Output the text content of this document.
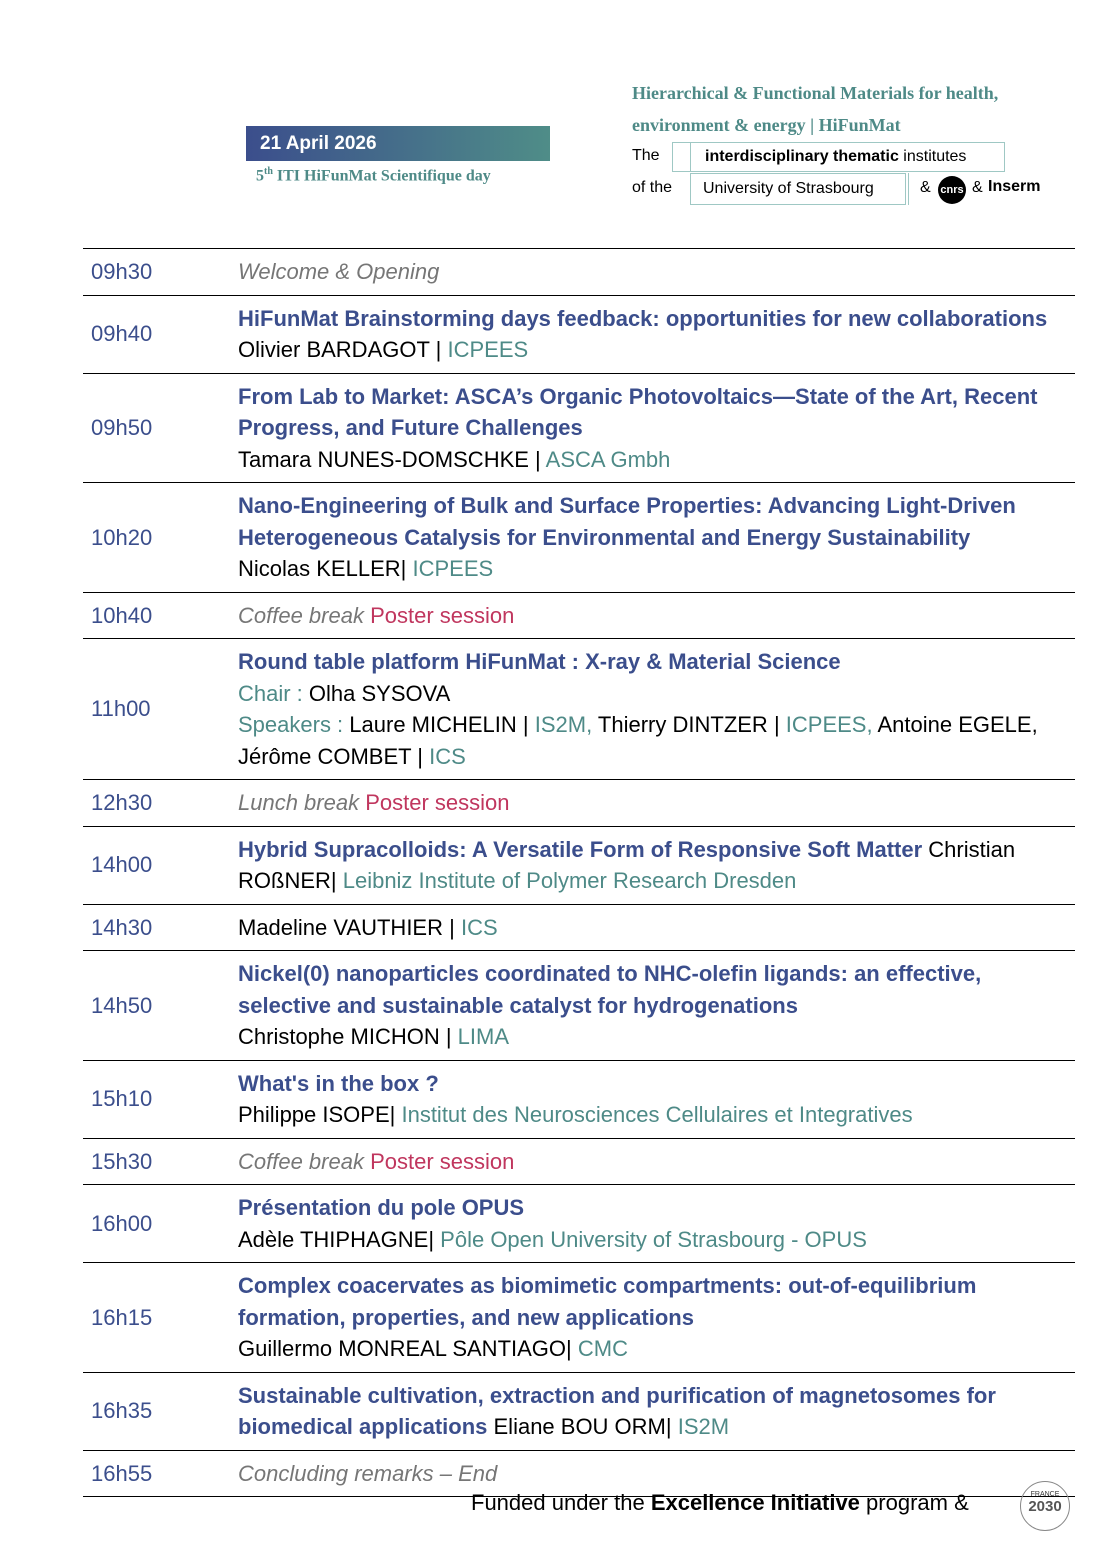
21 April 2026
5th ITI HiFunMat Scientifique day
Hierarchical & Functional Materials for health,
environment & energy | HiFunMat
The	interdisciplinary thematic institutes
of the	University of Strasbourg	& cnrs & Inserm
09h30	Welcome & Opening
09h40	HiFunMat Brainstorming days feedback: opportunities for new collaborations Olivier BARDAGOT | ICPEES
09h50	From Lab to Market: ASCA’s Organic Photovoltaics—State of the Art, Recent Progress, and Future Challenges
Tamara NUNES-DOMSCHKE | ASCA Gmbh
10h20	Nano-Engineering of Bulk and Surface Properties: Advancing Light-Driven Heterogeneous Catalysis for Environmental and Energy Sustainability
Nicolas KELLER| ICPEES
10h40	Coffee break Poster session
11h00	Round table platform HiFunMat : X-ray & Material Science
Chair : Olha SYSOVA
Speakers : Laure MICHELIN | IS2M, Thierry DINTZER | ICPEES, Antoine EGELE, Jérôme COMBET | ICS
12h30	Lunch break Poster session
14h00	Hybrid Supracolloids: A Versatile Form of Responsive Soft Matter Christian ROßNER| Leibniz Institute of Polymer Research Dresden
14h30	Madeline VAUTHIER | ICS
14h50	Nickel(0) nanoparticles coordinated to NHC-olefin ligands: an effective, selective and sustainable catalyst for hydrogenations
Christophe MICHON | LIMA
15h10	What's in the box ?
Philippe ISOPE| Institut des Neurosciences Cellulaires et Integratives
15h30	Coffee break Poster session
16h00	Présentation du pole OPUS
Adèle THIPHAGNE| Pôle Open University of Strasbourg - OPUS
16h15	Complex coacervates as biomimetic compartments: out-of-equilibrium formation, properties, and new applications
Guillermo MONREAL SANTIAGO| CMC
16h35	Sustainable cultivation, extraction and purification of magnetosomes for biomedical applications Eliane BOU ORM| IS2M
16h55	Concluding remarks – End
Funded under the Excellence Initiative program &	FRANCE
2030
